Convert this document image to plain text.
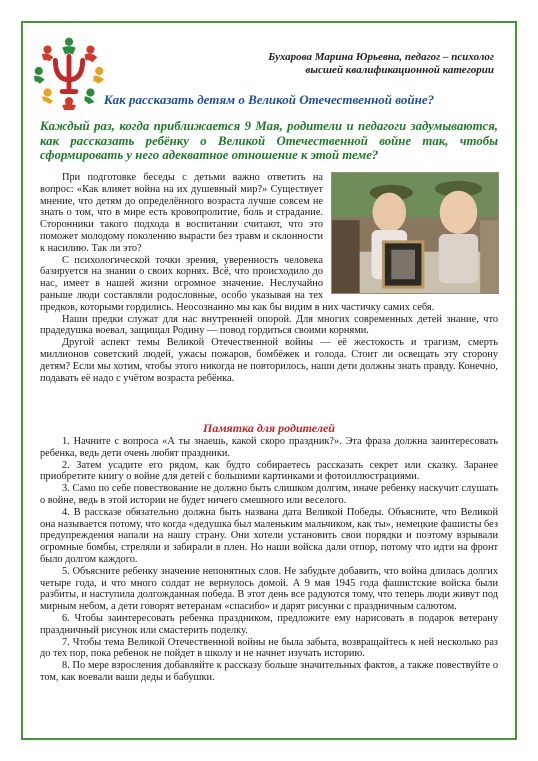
Бухарова Марина Юрьевна, педагог – психолог
высшей квалификационной категории
Как рассказать детям о Великой Отечественной войне?
Каждый раз, когда приближается 9 Мая, родители и педагоги задумываются, как рассказать ребёнку о Великой Отечественной войне так, чтобы сформировать у него адекватное отношение к этой теме?

При подготовке беседы с детьми важно ответить на вопрос: «Как влияет война на их душевный мир?» Существует мнение, что детям до определённого возраста лучше совсем не знать о том, что в мире есть кровопролитие, боль и страдание. Сторонники такого подхода в воспитании считают, что это поможет молодому поколению вырасти без травм и склонности к насилию. Так ли это?

С психологической точки зрения, уверенность человека базируется на знании о своих корнях. Всё, что происходило до нас, имеет в нашей жизни огромное значение. Неслучайно раньше люди составляли родословные, особо указывая на тех предков, которыми гордились. Неосознанно мы как бы видим в них частичку самих себя.

Наши предки служат для нас внутренней опорой. Для многих современных детей знание, что прадедушка воевал, защищал Родину — повод гордиться своими корнями.

Другой аспект темы Великой Отечественной войны — её жестокость и трагизм, смерть миллионов советский людей, ужасы пожаров, бомбёжек и голода. Стоит ли освещать эту сторону детям? Если мы хотим, чтобы этого никогда не повторилось, наши дети должны знать правду. Конечно, подавать её надо с учётом возраста ребёнка.

Памятка для родителей

1. Начните с вопроса «А ты знаешь, какой скоро праздник?». Эта фраза должна заинтересовать ребенка, ведь дети очень любят праздники.

2. Затем усадите его рядом, как будто собираетесь рассказать секрет или сказку. Заранее приобретите книгу о войне для детей с большими картинками и фотоиллюстрациями.

3. Само по себе повествование не должно быть слишком долгим, иначе ребенку наскучит слушать о войне, ведь в этой истории не будет ничего смешного или веселого.

4. В рассказе обязательно должна быть названа дата Великой Победы. Объясните, что Великой она называется потому, что когда «дедушка был маленьким мальчиком, как ты», немецкие фашисты без предупреждения напали на нашу страну. Они хотели установить свои порядки и поэтому взрывали огромные бомбы, стреляли и забирали в плен. Но наши войска дали отпор, потому что идти на фронт было долгом каждого.

5. Объясните ребенку значение непонятных слов. Не забудьте добавить, что война длилась долгих четыре года, и что много солдат не вернулось домой. А 9 мая 1945 года фашистские войска были разбиты, и наступила долгожданная победа. В этот день все радуются тому, что теперь люди живут под мирным небом, а дети говорят ветеранам «спасибо» и дарят рисунки с праздничным салютом.

6. Чтобы заинтересовать ребенка праздником, предложите ему нарисовать в подарок ветерану праздничный рисунок или смастерить поделку.

7. Чтобы тема Великой Отечественной войны не была забыта, возвращайтесь к ней несколько раз до тех пор, пока ребенок не пойдет в школу и не начнет изучать историю.

8. По мере взросления добавляйте к рассказу больше значительных фактов, а также повествуйте о том, как воевали ваши деды и бабушки.
